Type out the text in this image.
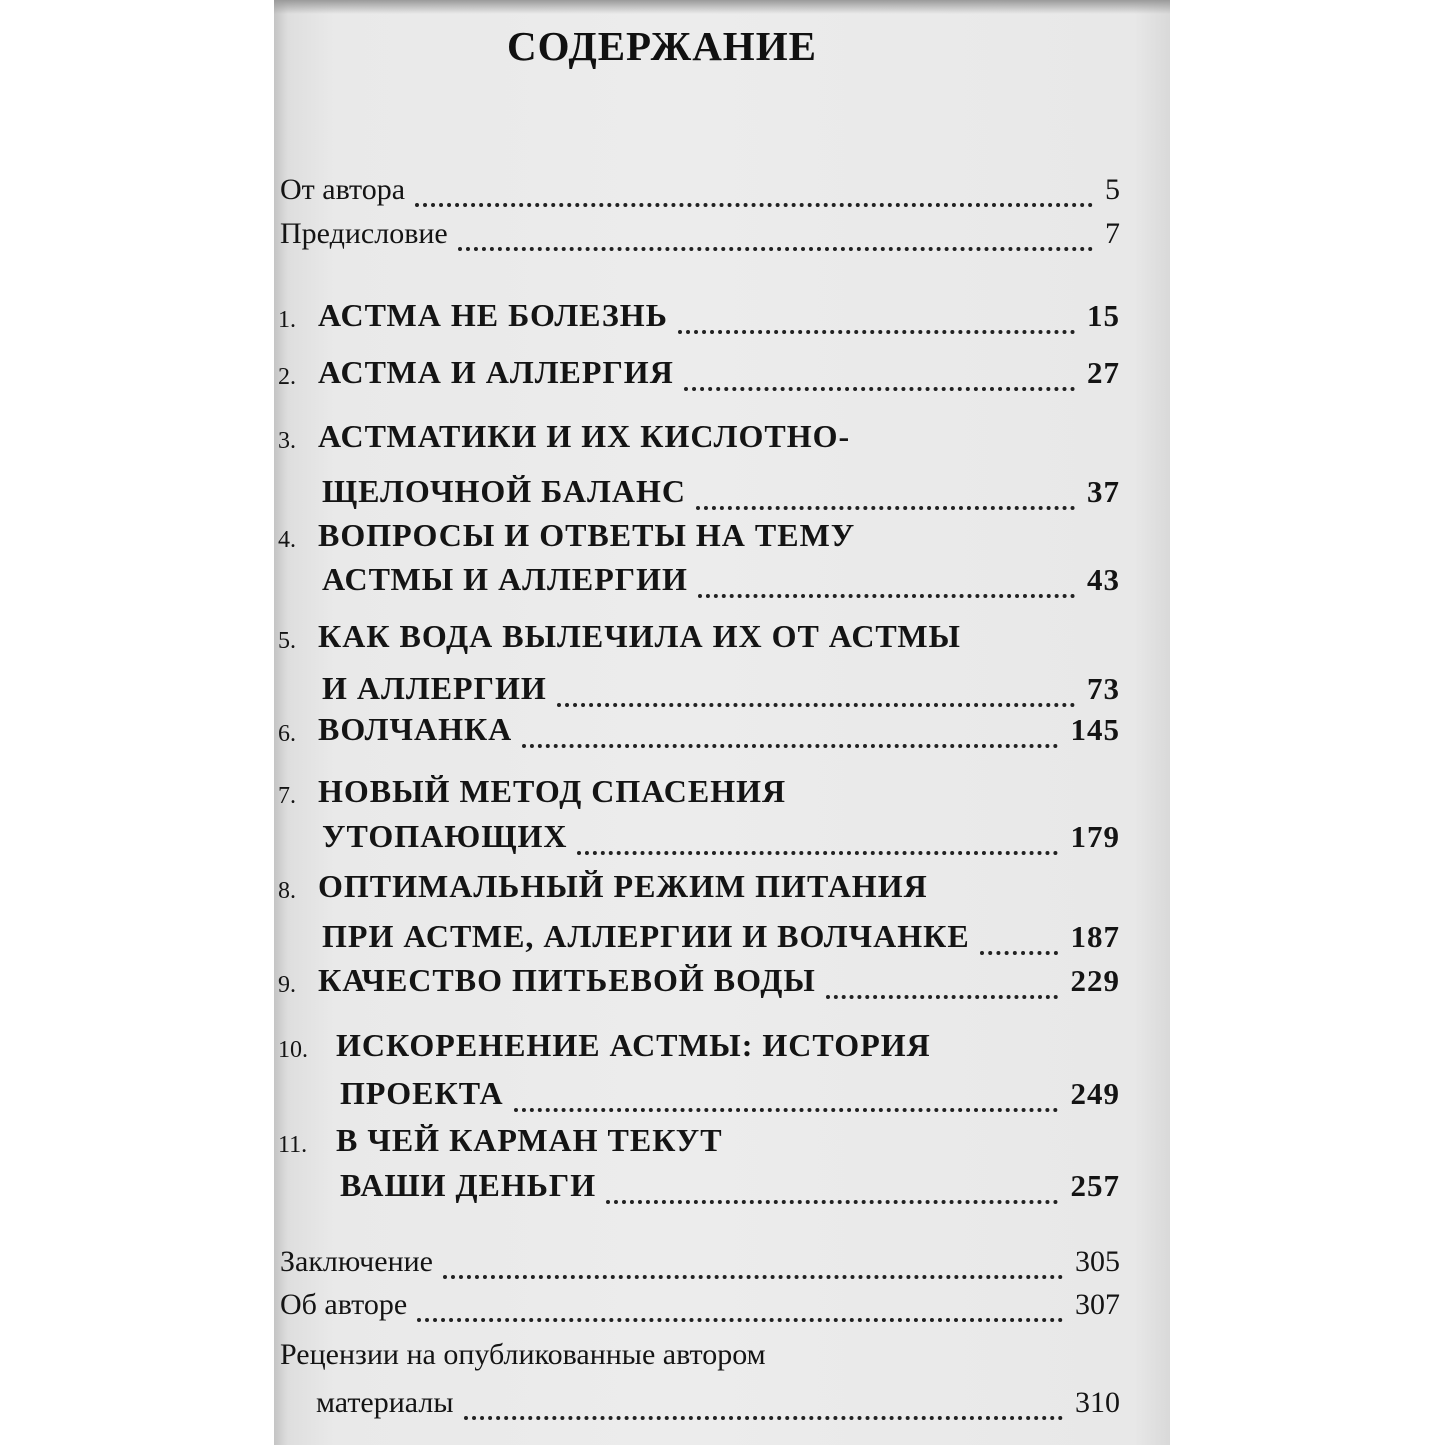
СОДЕРЖАНИЕ
От автора	5
Предисловие	7
1. АСТМА НЕ БОЛЕЗНЬ	15
2. АСТМА И АЛЛЕРГИЯ	27
3. АСТМАТИКИ И ИХ КИСЛОТНО-
ЩЕЛОЧНОЙ БАЛАНС	37
4. ВОПРОСЫ И ОТВЕТЫ НА ТЕМУ
АСТМЫ И АЛЛЕРГИИ	43
5. КАК ВОДА ВЫЛЕЧИЛА ИХ ОТ АСТМЫ
И АЛЛЕРГИИ	73
6. ВОЛЧАНКА	145
7. НОВЫЙ МЕТОД СПАСЕНИЯ
УТОПАЮЩИХ	179
8. ОПТИМАЛЬНЫЙ РЕЖИМ ПИТАНИЯ
ПРИ АСТМЕ, АЛЛЕРГИИ И ВОЛЧАНКЕ	187
9. КАЧЕСТВО ПИТЬЕВОЙ ВОДЫ	229
10. ИСКОРЕНЕНИЕ АСТМЫ: ИСТОРИЯ
ПРОЕКТА	249
11. В ЧЕЙ КАРМАН ТЕКУТ
ВАШИ ДЕНЬГИ	257
Заключение	305
Об авторе	307
Рецензии на опубликованные автором
материалы	310
